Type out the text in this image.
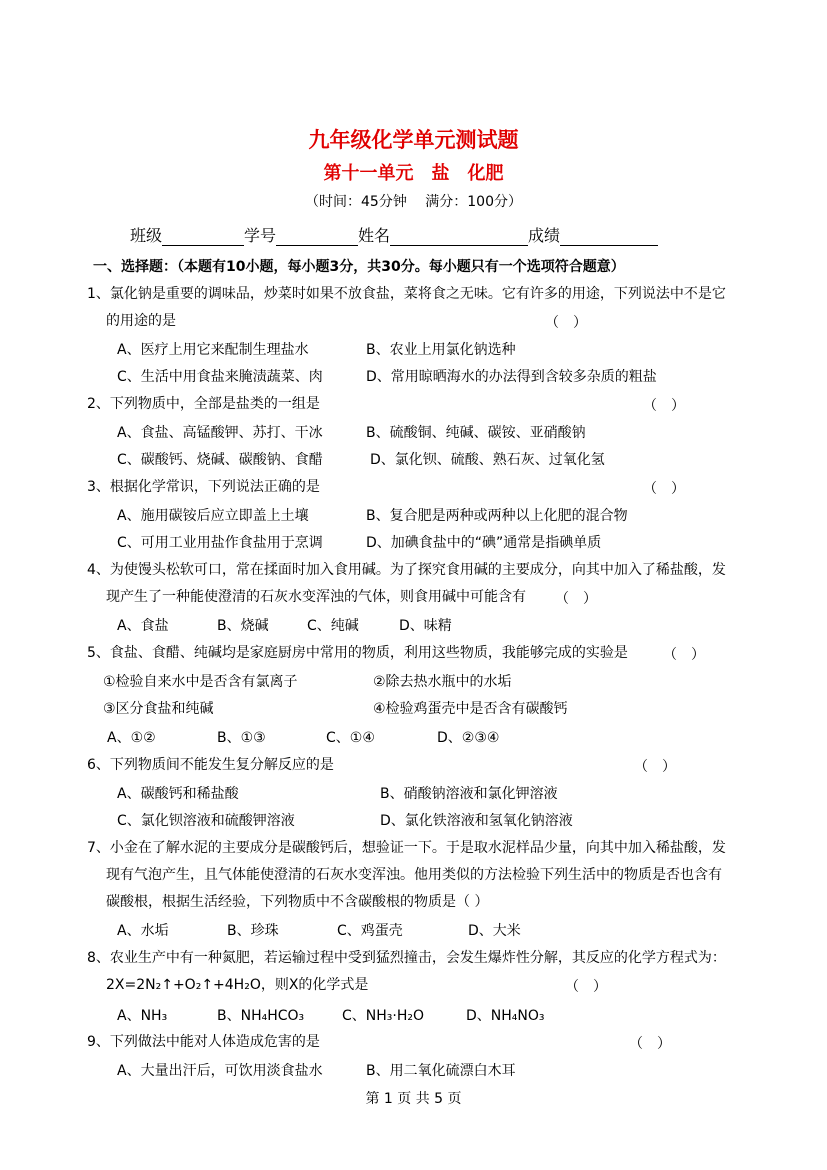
九年级化学单元测试题
第十一单元　盐　化肥
（时间：45分钟　 满分：100分）
班级	学号	姓名	成绩
一、选择题：（本题有10小题，每小题3分，共30分。每小题只有一个选项符合题意）
1、氯化钠是重要的调味品，炒菜时如果不放食盐，菜将食之无味。它有许多的用途，下列说法中不是它
的用途的是	（　）
A、医疗上用它来配制生理盐水	B、农业上用氯化钠选种
C、生活中用食盐来腌渍蔬菜、肉	D、常用晾晒海水的办法得到含较多杂质的粗盐
2、下列物质中，全部是盐类的一组是	（　）
A、食盐、高锰酸钾、苏打、干冰	B、硫酸铜、纯碱、碳铵、亚硝酸钠
C、碳酸钙、烧碱、碳酸钠、食醋	D、氯化钡、硫酸、熟石灰、过氧化氢
3、根据化学常识，下列说法正确的是	（　）
A、施用碳铵后应立即盖上土壤	B、复合肥是两种或两种以上化肥的混合物
C、可用工业用盐作食盐用于烹调	D、加碘食盐中的“碘”通常是指碘单质
4、为使馒头松软可口，常在揉面时加入食用碱。为了探究食用碱的主要成分，向其中加入了稀盐酸，发
现产生了一种能使澄清的石灰水变浑浊的气体，则食用碱中可能含有 （　）
A、食盐	B、烧碱	C、纯碱	D、味精
5、食盐、食醋、纯碱均是家庭厨房中常用的物质，利用这些物质，我能够完成的实验是	（　）
①检验自来水中是否含有氯离子	②除去热水瓶中的水垢
③区分食盐和纯碱	④检验鸡蛋壳中是否含有碳酸钙
A、①②	B、①③	C、①④	D、②③④
6、下列物质间不能发生复分解反应的是	（　）
A、碳酸钙和稀盐酸	B、硝酸钠溶液和氯化钾溶液
C、氯化钡溶液和硫酸钾溶液	D、氯化铁溶液和氢氧化钠溶液
7、小金在了解水泥的主要成分是碳酸钙后，想验证一下。于是取水泥样品少量，向其中加入稀盐酸，发
现有气泡产生，且气体能使澄清的石灰水变浑浊。他用类似的方法检验下列生活中的物质是否也含有
碳酸根，根据生活经验，下列物质中不含碳酸根的物质是（ ）
A、水垢	B、珍珠	C、鸡蛋壳	D、大米
8、农业生产中有一种氮肥，若运输过程中受到猛烈撞击，会发生爆炸性分解，其反应的化学方程式为：
2X=2N₂↑+O₂↑+4H₂O，则X的化学式是	（　）
A、NH₃	B、NH₄HCO₃	C、NH₃·H₂O	D、NH₄NO₃
9、下列做法中能对人体造成危害的是	（　）
A、大量出汗后，可饮用淡食盐水	B、用二氧化硫漂白木耳
第 1 页 共 5 页
